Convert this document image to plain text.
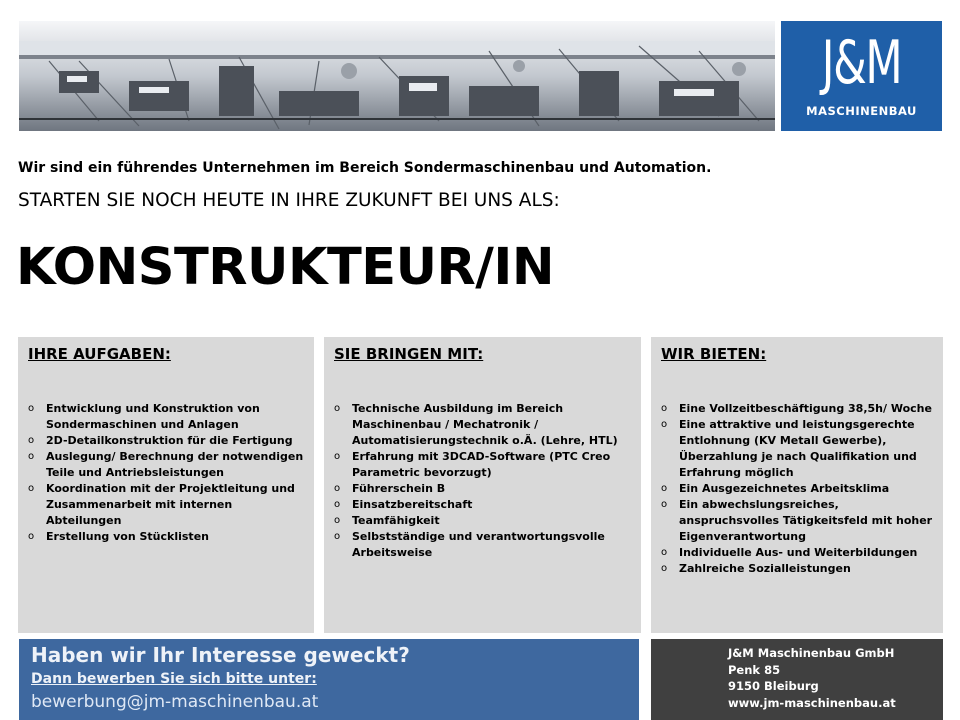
J&M
MASCHINENBAU
Wir sind ein führendes Unternehmen im Bereich Sondermaschinenbau und Automation.
STARTEN SIE NOCH HEUTE IN IHRE ZUKUNFT BEI UNS ALS:
KONSTRUKTEUR/IN
IHRE AUFGABEN:
o Entwicklung und Konstruktion von Sondermaschinen und Anlagen
o 2D-Detailkonstruktion für die Fertigung
o Auslegung/ Berechnung der notwendigen Teile und Antriebsleistungen
o Koordination mit der Projektleitung und Zusammenarbeit mit internen Abteilungen
o Erstellung von Stücklisten
SIE BRINGEN MIT:
o Technische Ausbildung im Bereich Maschinenbau / Mechatronik / Automatisierungstechnik o.Ä. (Lehre, HTL)
o Erfahrung mit 3DCAD-Software (PTC Creo Parametric bevorzugt)
o Führerschein B
o Einsatzbereitschaft
o Teamfähigkeit
o Selbstständige und verantwortungsvolle Arbeitsweise
WIR BIETEN:
o Eine Vollzeitbeschäftigung 38,5h/ Woche
o Eine attraktive und leistungsgerechte Entlohnung (KV Metall Gewerbe), Überzahlung je nach Qualifikation und Erfahrung möglich
o Ein Ausgezeichnetes Arbeitsklima
o Ein abwechslungsreiches, anspruchsvolles Tätigkeitsfeld mit hoher Eigenverantwortung
o Individuelle Aus- und Weiterbildungen
o Zahlreiche Sozialleistungen
Haben wir Ihr Interesse geweckt?
Dann bewerben Sie sich bitte unter:
bewerbung@jm-maschinenbau.at
J&M Maschinenbau GmbH
Penk 85
9150 Bleiburg
www.jm-maschinenbau.at
